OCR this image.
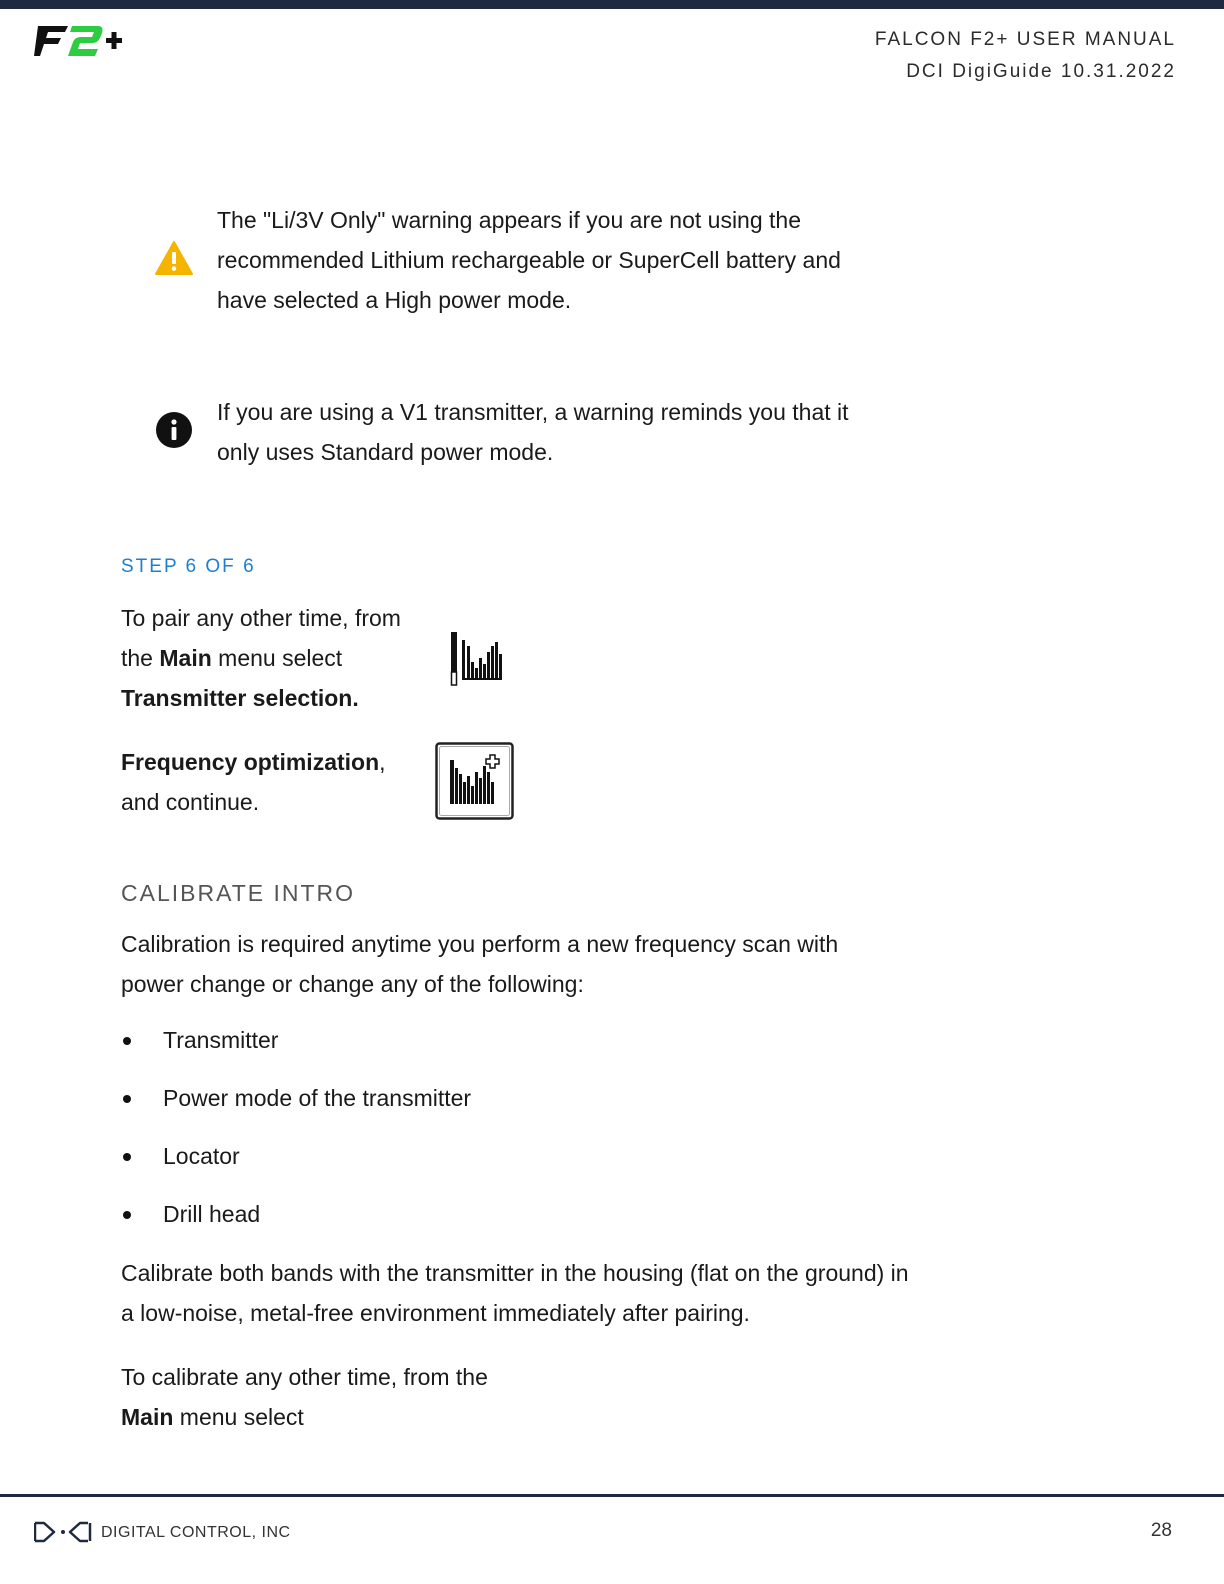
FALCON F2+ USER MANUAL
DCI DigiGuide 10.31.2022
The "Li/3V Only" warning appears if you are not using the recommended Lithium rechargeable or SuperCell battery and have selected a High power mode.
If you are using a V1 transmitter, a warning reminds you that it only uses Standard power mode.
STEP 6 OF 6
To pair any other time, from the Main menu select Transmitter selection.
Frequency optimization, and continue.
CALIBRATE INTRO
Calibration is required anytime you perform a new frequency scan with power change or change any of the following:
Transmitter
Power mode of the transmitter
Locator
Drill head
Calibrate both bands with the transmitter in the housing (flat on the ground) in a low-noise, metal-free environment immediately after pairing.
To calibrate any other time, from the Main menu select
DIGITAL CONTROL, INC	28
